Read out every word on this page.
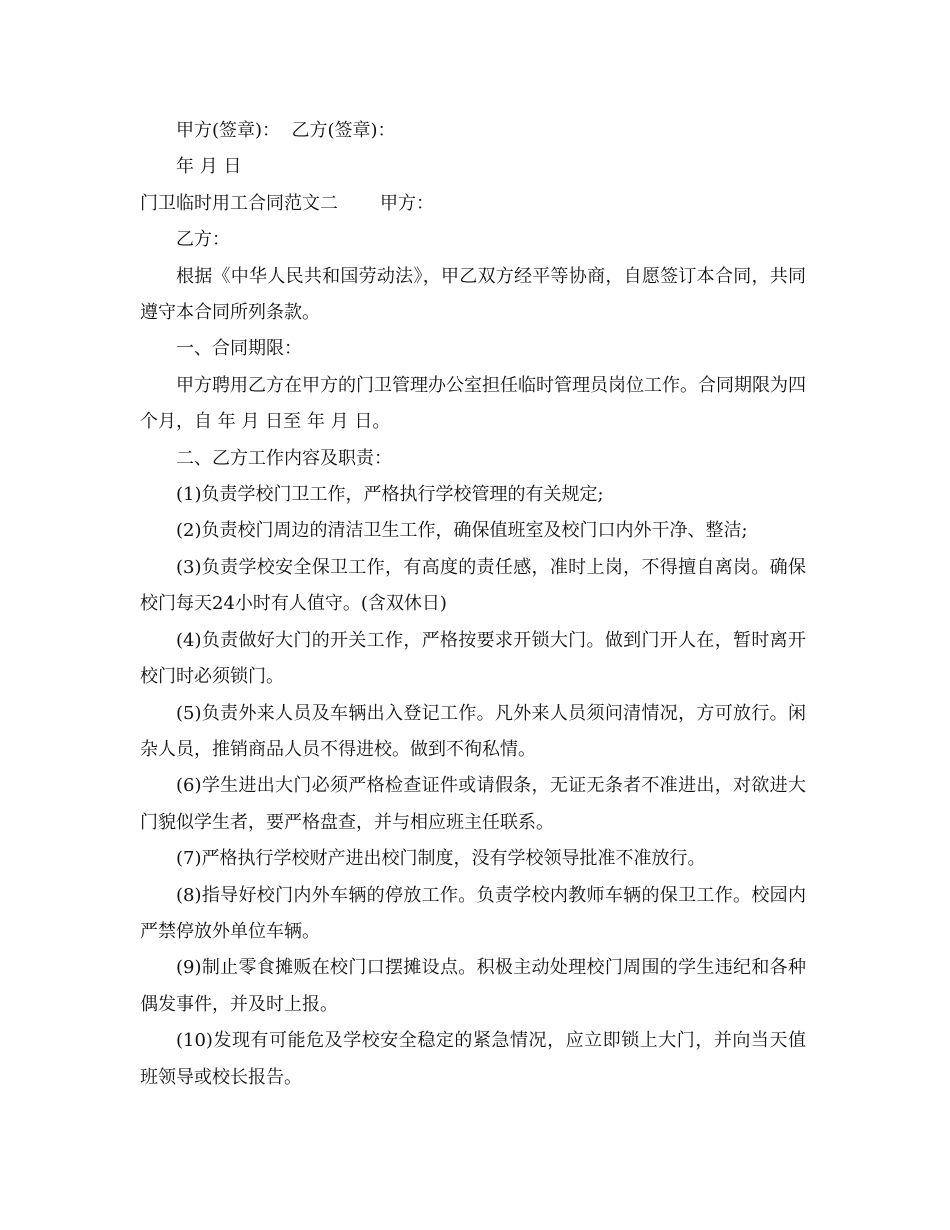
甲方(签章)：  乙方(签章)：

年 月 日

门卫临时用工合同范文二	甲方：

乙方：

根据《中华人民共和国劳动法》，甲乙双方经平等协商，自愿签订本合同，共同遵守本合同所列条款。

一、合同期限：

甲方聘用乙方在甲方的门卫管理办公室担任临时管理员岗位工作。合同期限为四个月，自 年 月 日至 年 月 日。

二、乙方工作内容及职责：

(1)负责学校门卫工作，严格执行学校管理的有关规定;

(2)负责校门周边的清洁卫生工作，确保值班室及校门口内外干净、整洁;

(3)负责学校安全保卫工作，有高度的责任感，准时上岗，不得擅自离岗。确保校门每天24小时有人值守。(含双休日)

(4)负责做好大门的开关工作，严格按要求开锁大门。做到门开人在，暂时离开校门时必须锁门。

(5)负责外来人员及车辆出入登记工作。凡外来人员须问清情况，方可放行。闲杂人员，推销商品人员不得进校。做到不徇私情。

(6)学生进出大门必须严格检查证件或请假条，无证无条者不准进出，对欲进大门貌似学生者，要严格盘查，并与相应班主任联系。

(7)严格执行学校财产进出校门制度，没有学校领导批准不准放行。

(8)指导好校门内外车辆的停放工作。负责学校内教师车辆的保卫工作。校园内严禁停放外单位车辆。

(9)制止零食摊贩在校门口摆摊设点。积极主动处理校门周围的学生违纪和各种偶发事件，并及时上报。

(10)发现有可能危及学校安全稳定的紧急情况，应立即锁上大门，并向当天值班领导或校长报告。
